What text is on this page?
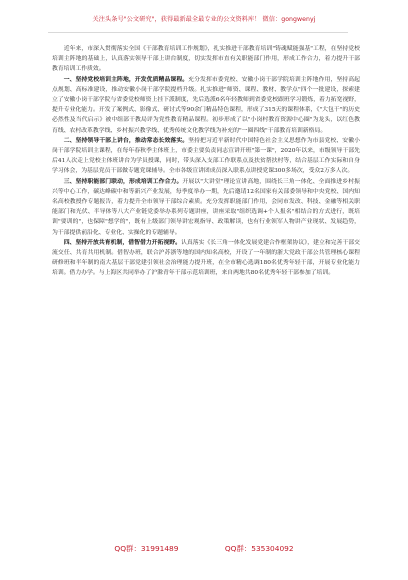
关注头条号"公文研究"，获得最新最全最专业的公文资料库！ 微信：gongwenyj

近年来，市深入贯彻落实全国《干部教育培训工作规划》，扎实推进干部教育培训"铸魂赋能强基"工程，在坚持党校培训主阵地的基础上，认真落实领导干部上讲台制度，切实发挥市直有关职能部门作用，形成工作合力，着力提升干部教育培训工作质效。

一、坚持党校培训主阵地，开发优质精品课程。充分发挥市委党校、安徽小岗干部学院培训主阵地作用，坚持高起点规划、高标准建设，推动安徽小岗干部学院提档升级。扎实推进"师资、课程、教材、教学点"四个一批建设，探索建立了安徽小岗干部学院与省委党校师资上挂下派制度，先后选派6名年轻教师到省委党校跟班学习锻炼，着力拓宽视野，提升专业化能力。开发了案例式、影像式、研讨式等90余门精品特色课程，形成了315天的课程体系，《"大包干"的历史必然性及当代启示》被中组部干教局评为党性教育精品课程。初步形成了以"小岗村教育资源中心圈"为龙头，以红色教育线、农村改革教学线、乡村振兴教学线、优秀传统文化教学线为补充的"一圈四线"干部教育培训新格局。

二、坚持领导干部上讲台，推动常态长效落实。坚持把习近平新时代中国特色社会主义思想作为市县党校、安徽小岗干部学院培训主课程，在每年春秋季主体班上，市委主要负责同志宣讲开班"第一课"，2020年以来，市级领导干部先后41人次走上党校主体班讲台为学员授课，同时，带头深入支部工作联系点及扶贫帮扶村等，结合基层工作实际和自身学习体会，为基层党员干部做专题党课辅导。全市各级宣讲团成员深入联系点讲授党课300多场次，受众2万多人次。

三、坚持职能部门联动，形成培训工作合力。开展以"大讲堂"理论宣讲高地，围绕长三角一体化、全面推进乡村振兴等中心工作，碳达峰碳中和等新兴产业发展，每季度举办一期，先后邀请12名国家有关部委领导和中央党校、国内知名高校教授作专题报告，着力提升全市领导干部综合素质。充分发挥职能部门作用，会同市发改、科技、金融等相关职能部门和光伏、半导体等八大产业链党委举办系列专题讲座，讲座采取"组织选调+个人报名"相结合的方式进行，既培训"要训的"，也保障"想学的"，既有上级部门领导讲宏观指导、政策解读，也有行业领军人物讲产业现状、发展趋势，为干部提供前沿化、专业化、实操化的专题辅导。

四、坚持开放共育机制，借智借力开拓视野。认真落实《长三角一体化发展党建合作框架协议》，建立和完善干部交流交任、共育共用机制。借智办班，联合沪苏浙等地的国内知名高校，开设了一年制的浙大党政干部公共管理核心课程研修班和半年制的南大基层干部党建引领社会治理能力提升班，在全市精心选调180名优秀年轻干部，开展专业化能力培训。借力办学。与上海区共同举办了沪滁青年干部示范培训班，来自两地共80名优秀年轻干部参加了培训。

QQ群：31991489	QQ群：535304092
